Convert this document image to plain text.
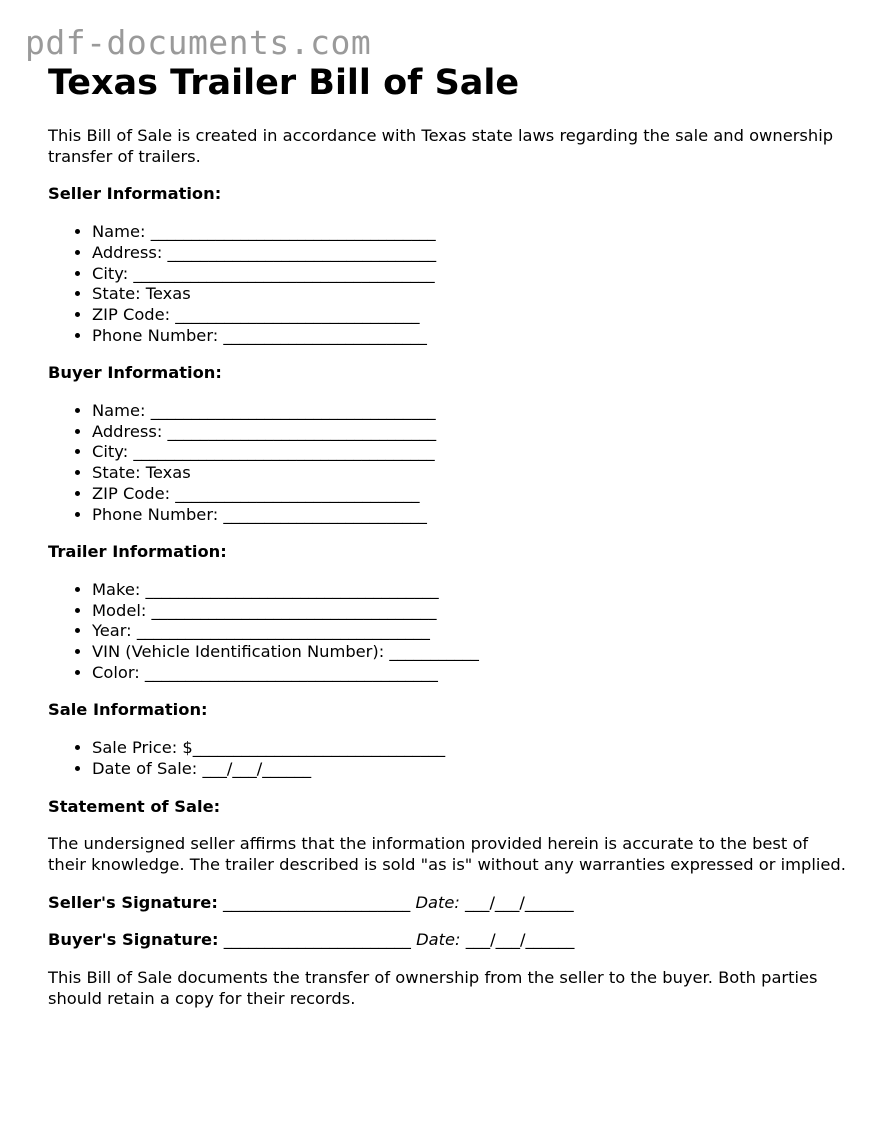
pdf-documents.com
Texas Trailer Bill of Sale

This Bill of Sale is created in accordance with Texas state laws regarding the sale and ownership transfer of trailers.

Seller Information:
• Name: ___________________________________
• Address: _________________________________
• City: _____________________________________
• State: Texas
• ZIP Code: ______________________________
• Phone Number: _________________________
Buyer Information:
• Name: ___________________________________
• Address: _________________________________
• City: _____________________________________
• State: Texas
• ZIP Code: ______________________________
• Phone Number: _________________________
Trailer Information:
• Make: ____________________________________
• Model: ___________________________________
• Year: ____________________________________
• VIN (Vehicle Identification Number): ___________
• Color: ____________________________________
Sale Information:
• Sale Price: $_______________________________
• Date of Sale: ___/___/______
Statement of Sale:

The undersigned seller affirms that the information provided herein is accurate to the best of their knowledge. The trailer described is sold "as is" without any warranties expressed or implied.

Seller's Signature: _______________________ Date: ___/___/______
Buyer's Signature: _______________________ Date: ___/___/______

This Bill of Sale documents the transfer of ownership from the seller to the buyer. Both parties should retain a copy for their records.
